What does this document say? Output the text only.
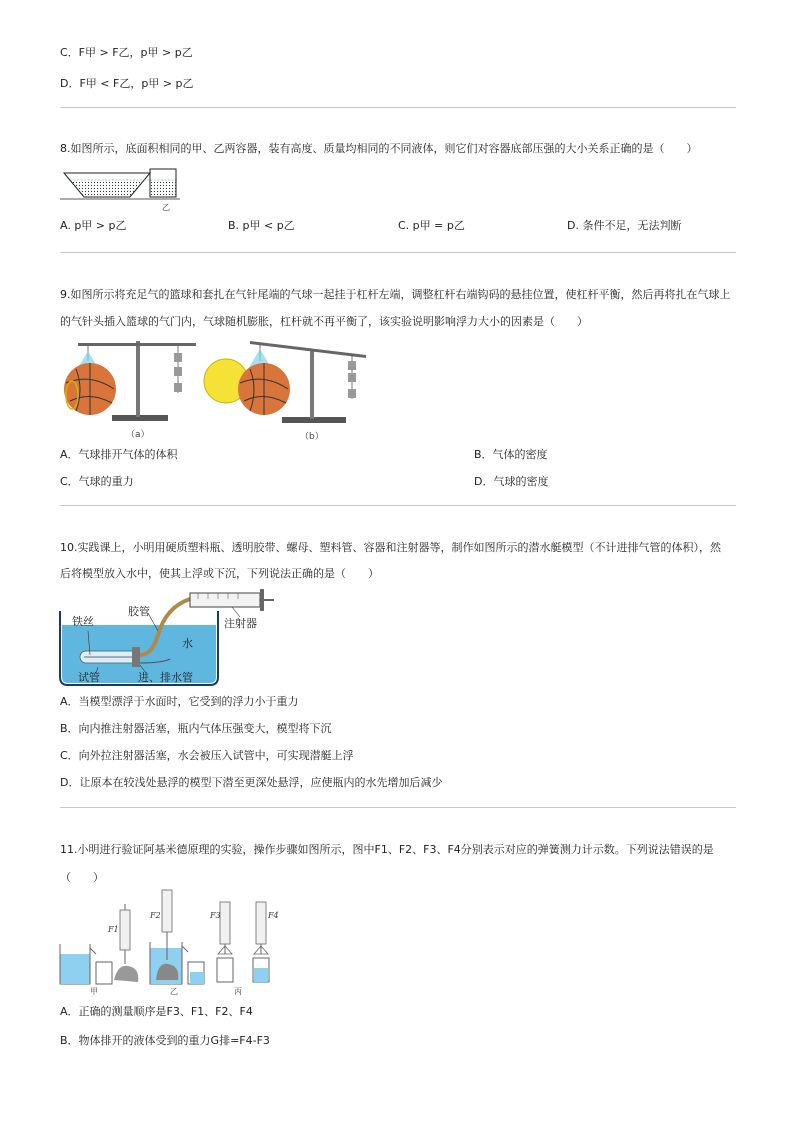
C．F甲 > F乙，p甲 > p乙
D．F甲 < F乙，p甲 > p乙
8.如图所示，底面积相同的甲、乙两容器，装有高度、质量均相同的不同液体，则它们对容器底部压强的大小关系正确的是（　　）
乙
A. p甲 > p乙	B. p甲 < p乙	C. p甲 = p乙	D. 条件不足，无法判断
9.如图所示将充足气的篮球和套扎在气针尾端的气球一起挂于杠杆左端，调整杠杆右端钩码的悬挂位置，使杠杆平衡，然后再将扎在气球上
的气针头插入篮球的气门内，气球随机膨胀，杠杆就不再平衡了，该实验说明影响浮力大小的因素是（　　）
（a）	（b）
A．气球排开气体的体积	B．气体的密度
C．气球的重力	D．气球的密度
10.实践课上，小明用硬质塑料瓶、透明胶带、螺母、塑料管、容器和注射器等，制作如图所示的潜水艇模型（不计进排气管的体积），然
后将模型放入水中，使其上浮或下沉，下列说法正确的是（　　）
胶管
铁丝	注射器
水
试管	进、排水管
A．当模型漂浮于水面时，它受到的浮力小于重力
B．向内推注射器活塞，瓶内气体压强变大，模型将下沉
C．向外拉注射器活塞，水会被压入试管中，可实现潜艇上浮
D．让原本在较浅处悬浮的模型下潜至更深处悬浮，应使瓶内的水先增加后减少
11.小明进行验证阿基米德原理的实验，操作步骤如图所示，图中F1、F2、F3、F4分别表示对应的弹簧测力计示数。下列说法错误的是
（　　）
F1
甲
F2
乙
F3	F4
丙
A．正确的测量顺序是F3、F1、F2、F4
B．物体排开的液体受到的重力G排=F4-F3
